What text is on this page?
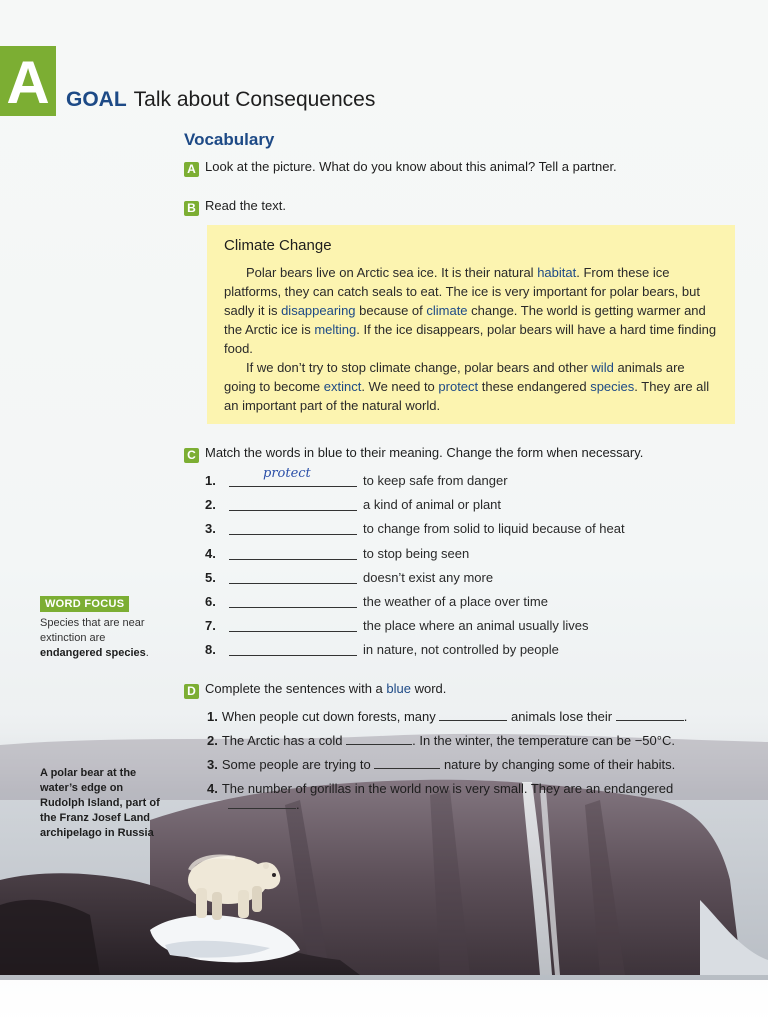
A GOAL Talk about Consequences
Vocabulary
A Look at the picture. What do you know about this animal? Tell a partner.
B Read the text.
Climate Change

Polar bears live on Arctic sea ice. It is their natural habitat. From these ice platforms, they can catch seals to eat. The ice is very important for polar bears, but sadly it is disappearing because of climate change. The world is getting warmer and the Arctic ice is melting. If the ice disappears, polar bears will have a hard time finding food.

If we don’t try to stop climate change, polar bears and other wild animals are going to become extinct. We need to protect these endangered species. They are all an important part of the natural world.

C Match the words in blue to their meaning. Change the form when necessary.
1.	protect	to keep safe from danger
2.	a kind of animal or plant
3.	to change from solid to liquid because of heat
4.	to stop being seen
5.	doesn’t exist any more
6.	the weather of a place over time
7.	the place where an animal usually lives
8.	in nature, not controlled by people
WORD FOCUS
Species that are near extinction are endangered species.
D Complete the sentences with a blue word.
1. When people cut down forests, many	animals lose their	.
2. The Arctic has a cold	. In the winter, the temperature can be −50°C.
3. Some people are trying to	nature by changing some of their habits.
4. The number of gorillas in the world now is very small. They are an endangered
.
A polar bear at the water’s edge on Rudolph Island, part of the Franz Josef Land archipelago in Russia
